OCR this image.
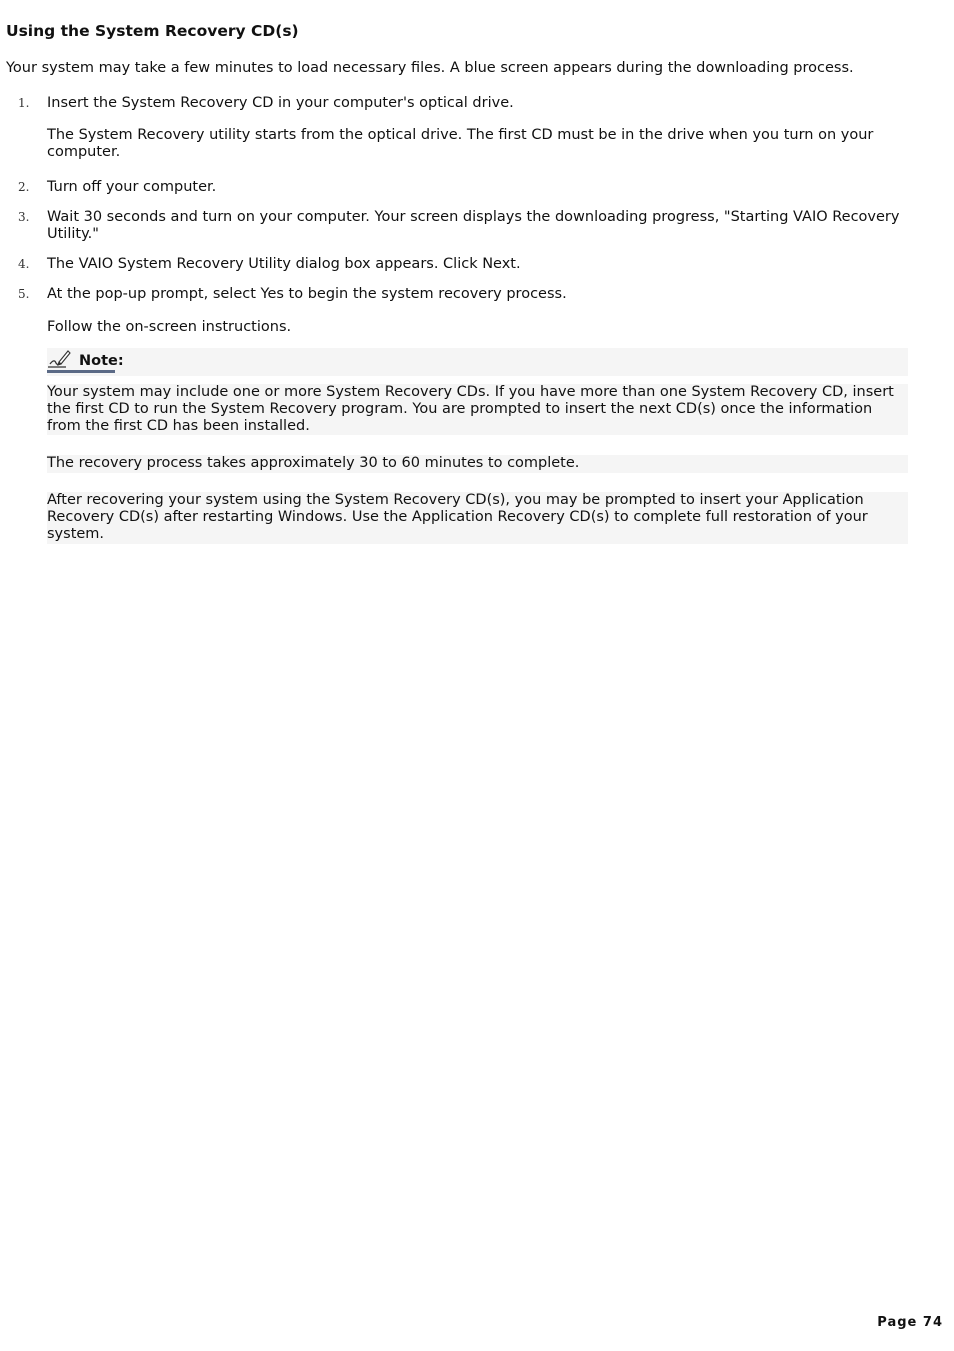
Using the System Recovery CD(s)

Your system may take a few minutes to load necessary files. A blue screen appears during the downloading process.

1. Insert the System Recovery CD in your computer's optical drive.

The System Recovery utility starts from the optical drive. The first CD must be in the drive when you turn on your computer.

2. Turn off your computer.

3. Wait 30 seconds and turn on your computer. Your screen displays the downloading progress, "Starting VAIO Recovery Utility."

4. The VAIO System Recovery Utility dialog box appears. Click Next.

5. At the pop-up prompt, select Yes to begin the system recovery process.

Follow the on-screen instructions.

Note:

Your system may include one or more System Recovery CDs. If you have more than one System Recovery CD, insert the first CD to run the System Recovery program. You are prompted to insert the next CD(s) once the information from the first CD has been installed.

The recovery process takes approximately 30 to 60 minutes to complete.

After recovering your system using the System Recovery CD(s), you may be prompted to insert your Application Recovery CD(s) after restarting Windows. Use the Application Recovery CD(s) to complete full restoration of your system.

Page 74
